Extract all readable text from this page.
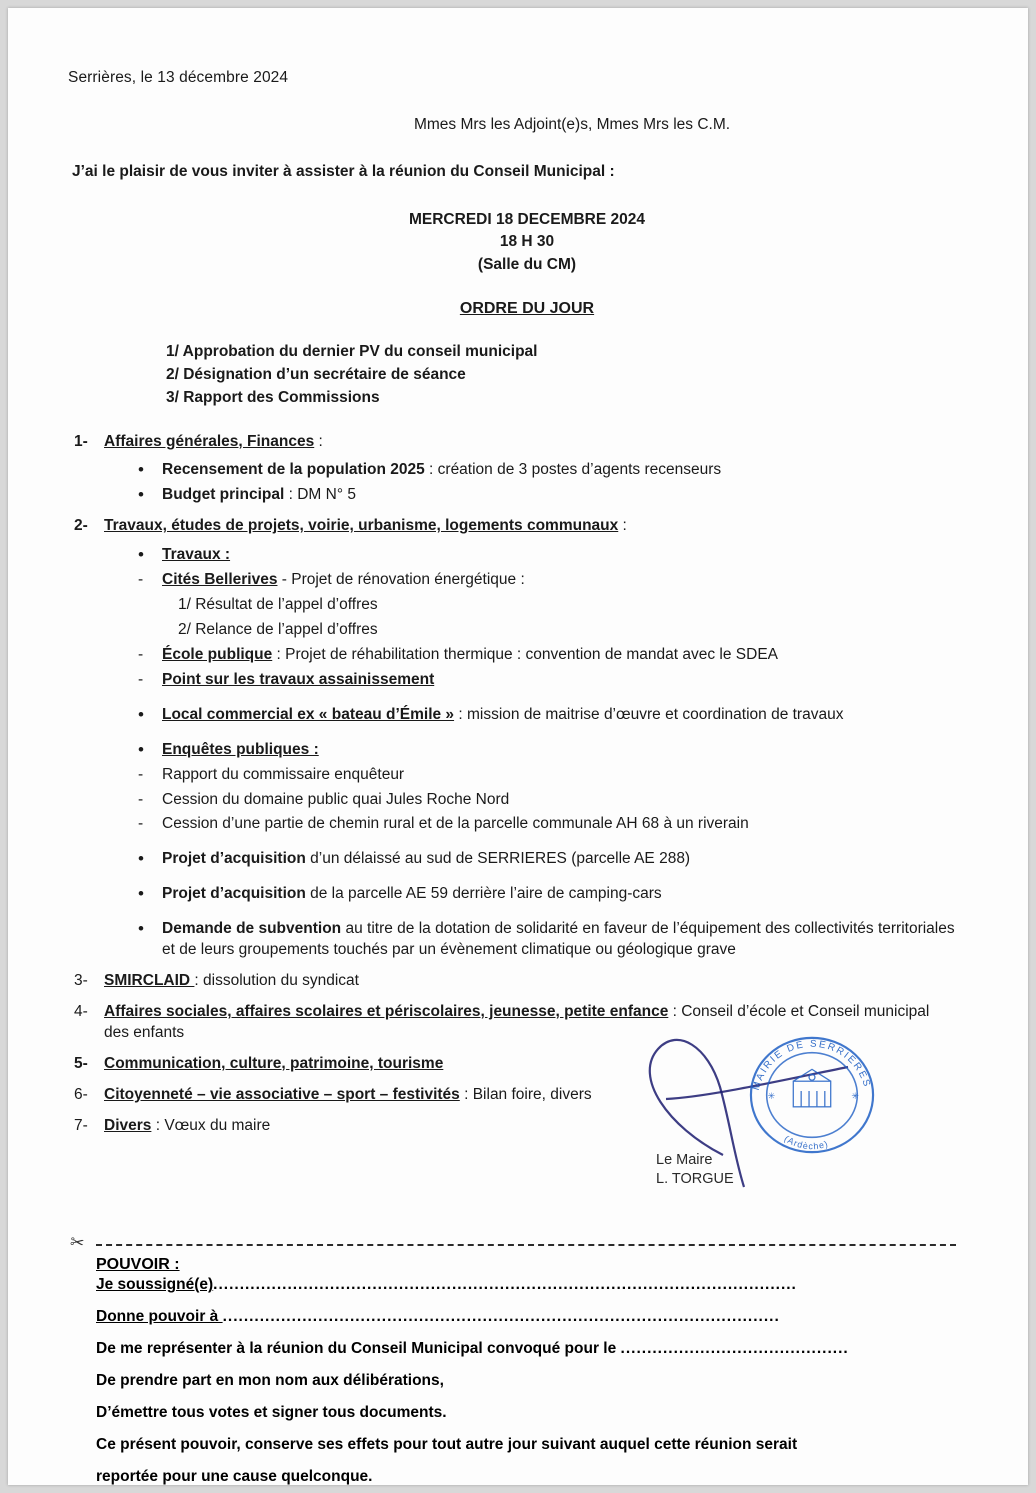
Serrières, le 13 décembre 2024
Mmes Mrs les Adjoint(e)s, Mmes Mrs les C.M.
J’ai le plaisir de vous inviter à assister à la réunion du Conseil Municipal :
MERCREDI 18 DECEMBRE 2024
18 H 30
(Salle du CM)
ORDRE DU JOUR
1/ Approbation du dernier PV du conseil municipal
2/ Désignation d’un secrétaire de séance
3/ Rapport des Commissions
1-	Affaires générales, Finances :
• Recensement de la population 2025 : création de 3 postes d’agents recenseurs
• Budget principal : DM N° 5
2-	Travaux, études de projets, voirie, urbanisme, logements communaux :
• Travaux :
- Cités Bellerives - Projet de rénovation énergétique :
1/ Résultat de l’appel d’offres
2/ Relance de l’appel d’offres
- École publique : Projet de réhabilitation thermique : convention de mandat avec le SDEA
- Point sur les travaux assainissement
• Local commercial ex « bateau d’Émile » : mission de maitrise d’œuvre et coordination de travaux
• Enquêtes publiques :
- Rapport du commissaire enquêteur
- Cession du domaine public quai Jules Roche Nord
- Cession d’une partie de chemin rural et de la parcelle communale AH 68 à un riverain
• Projet d’acquisition d’un délaissé au sud de SERRIERES (parcelle AE 288)
• Projet d’acquisition de la parcelle AE 59 derrière l’aire de camping-cars
• Demande de subvention au titre de la dotation de solidarité en faveur de l’équipement des collectivités territoriales et de leurs groupements touchés par un évènement climatique ou géologique grave
3-	SMIRCLAID : dissolution du syndicat
4-	Affaires sociales, affaires scolaires et périscolaires, jeunesse, petite enfance : Conseil d’école et Conseil municipal des enfants
5-	Communication, culture, patrimoine, tourisme
6-	Citoyenneté – vie associative – sport – festivités : Bilan foire, divers
7-	Divers : Vœux du maire
Le Maire
L. TORGUE
MAIRIE DE SERRIERES
(Ardèche)
✳	✳
✂
POUVOIR :
Je soussigné(e)..............................................................................................................
Donne pouvoir à .........................................................................................................
De me représenter à la réunion du Conseil Municipal convoqué pour le ...........................................
De prendre part en mon nom aux délibérations,
D’émettre tous votes et signer tous documents.
Ce présent pouvoir, conserve ses effets pour tout autre jour suivant auquel cette réunion serait
reportée pour une cause quelconque.
